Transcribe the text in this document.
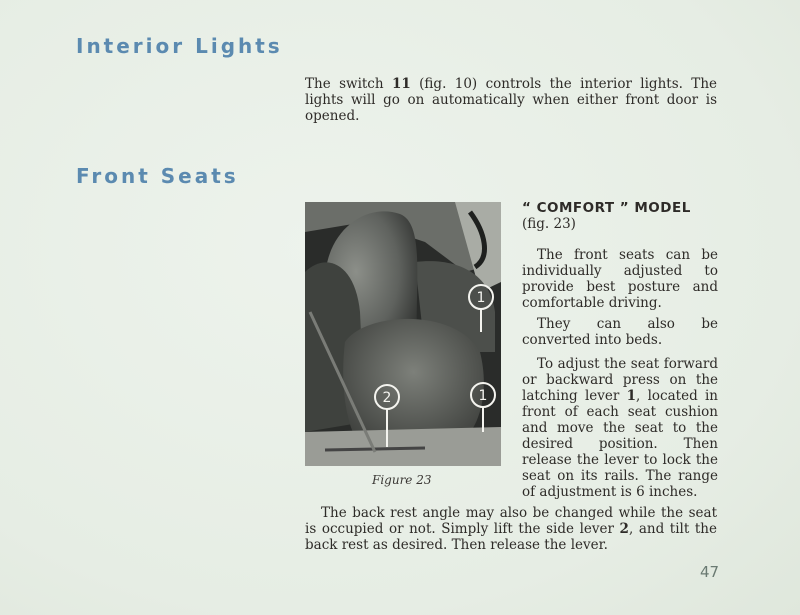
Interior Lights

The switch 11 (fig. 10) controls the interior lights. The lights will go on automatically when either front door is opened.

Front Seats
1
2	1
Figure 23
“ COMFORT ” MODEL
(fig. 23)

The front seats can be individually adjusted to provide best posture and comfortable driving.

They can also be converted into beds.

To adjust the seat forward or backward press on the latching lever 1, located in front of each seat cushion and move the seat to the desired position. Then release the lever to lock the seat on its rails. The range of adjustment is 6 inches.

The back rest angle may also be changed while the seat is occupied or not. Simply lift the side lever 2, and tilt the back rest as desired. Then release the lever.

47
